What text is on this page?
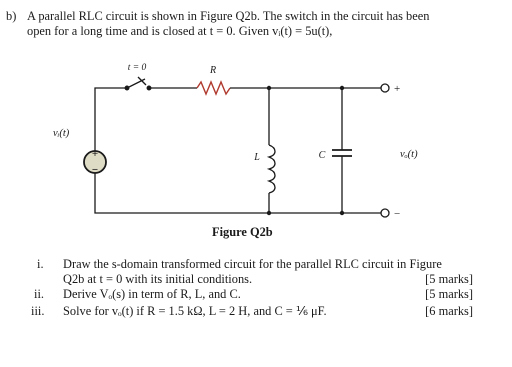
b) A parallel RLC circuit is shown in Figure Q2b. The switch in the circuit has been
open for a long time and is closed at t = 0. Given vᵢ(t) = 5u(t),
+
−
t = 0	R
L	C
vᵢ(t)
vₒ(t)
+
−
Figure Q2b
i. Draw the s-domain transformed circuit for the parallel RLC circuit in Figure
Q2b at t = 0 with its initial conditions.	[5 marks]
ii. Derive Vₒ(s) in term of R, L, and C.	[5 marks]
iii. Solve for vₒ(t) if R = 1.5 kΩ, L = 2 H, and C = ⅙ μF.	[6 marks]
